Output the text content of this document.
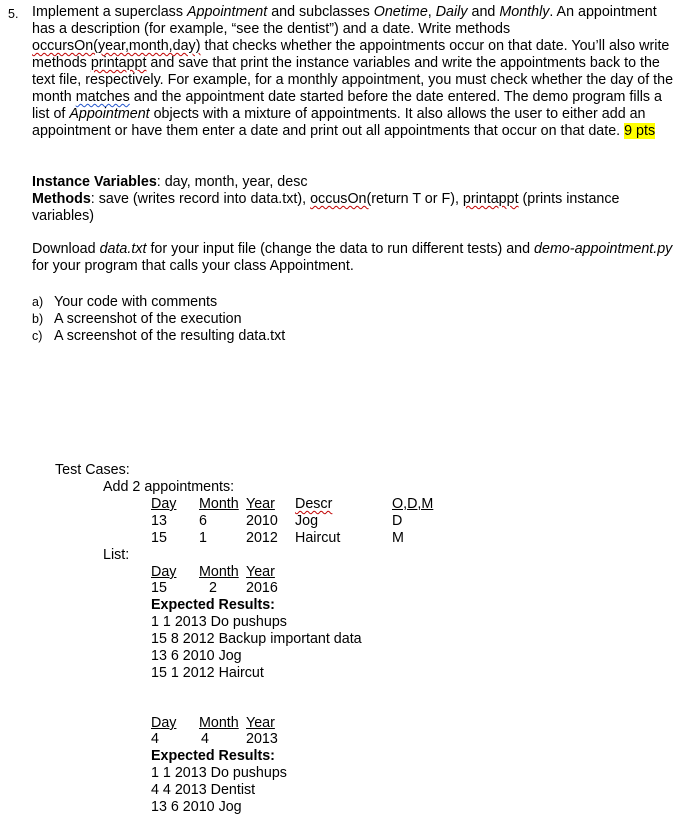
5. Implement a superclass Appointment and subclasses Onetime, Daily and Monthly. An appointment has a description (for example, “see the dentist”) and a date. Write methods occursOn(year,month,day) that checks whether the appointments occur on that date. You’ll also write methods printappt and save that print the instance variables and write the appointments back to the text file, respectively. For example, for a monthly appointment, you must check whether the day of the month matches and the appointment date started before the date entered. The demo program fills a list of Appointment objects with a mixture of appointments. It also allows the user to either add an appointment or have them enter a date and print out all appointments that occur on that date. 9 pts
Instance Variables: day, month, year, desc
Methods: save (writes record into data.txt), occusOn(return T or F), printappt (prints instance variables)
Download data.txt for your input file (change the data to run different tests) and demo-appointment.py for your program that calls your class Appointment.
a) Your code with comments
b) A screenshot of the execution
c) A screenshot of the resulting data.txt
Test Cases:
Add 2 appointments:
Day Month Year Descr	O,D,M
13 6	2010 Jog	D
15 1	2012 Haircut	M
List:
Day Month Year
15	2 2016
Expected Results:
1 1 2013 Do pushups
15 8 2012 Backup important data
13 6 2010 Jog
15 1 2012 Haircut
Day Month Year
4	4	2013
Expected Results:
1 1 2013 Do pushups
4 4 2013 Dentist
13 6 2010 Jog
